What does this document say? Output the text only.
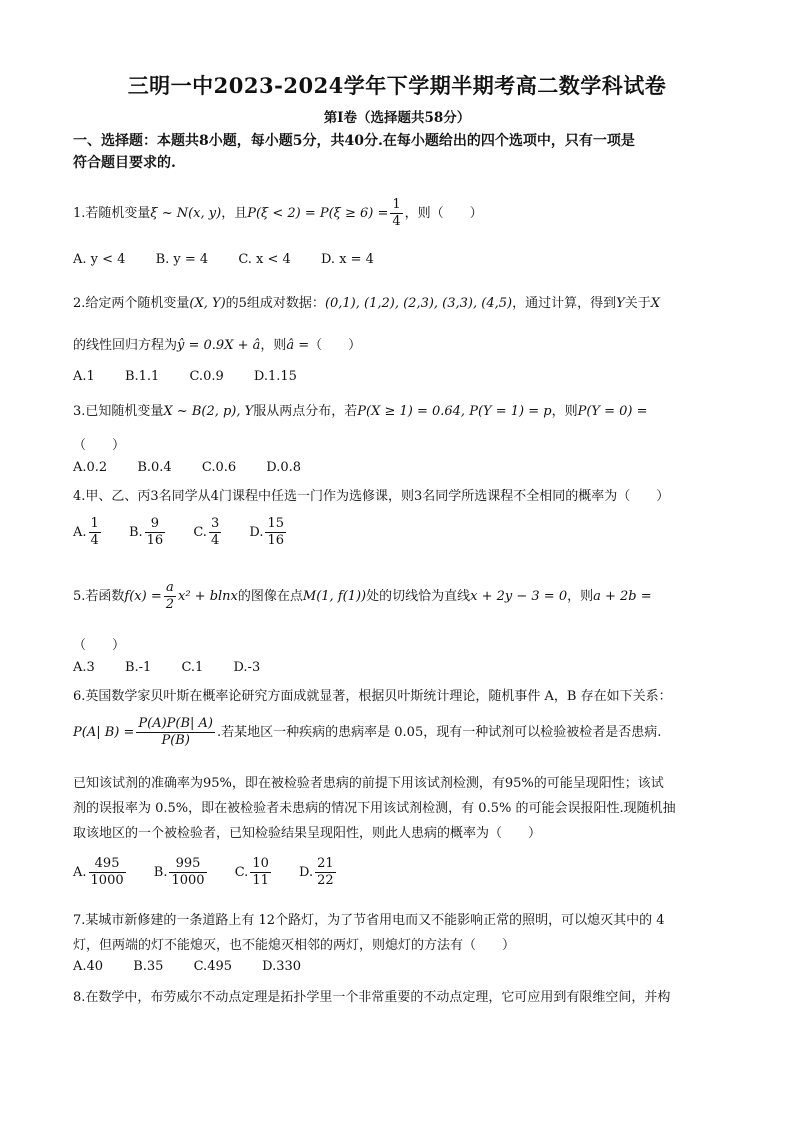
三明一中2023-2024学年下学期半期考高二数学科试卷
第I卷（选择题共58分）
一、选择题：本题共8小题，每小题5分，共40分.在每小题给出的四个选项中，只有一项是
符合题目要求的.
1.若随机变量ξ ~ N(x, y)，且$P(\xi < 2) = P(\xi \ge 6) = \frac{1}{4}$ ，则（　　）
A. y < 4 B. y = 4 C. x < 4 D. x = 4
2.给定两个随机变量(X, Y)的5组成对数据：(0,1), (1,2), (2,3), (3,3), (4,5)，通过计算，得到Y关于X
的线性回归方程为ŷ = 0.9X + â，则â =（　　）
A.1 B.1.1 C.0.9 D.1.15
3.已知随机变量X ~ B(2, p), Y服从两点分布，若P(X ≥ 1) = 0.64, P(Y = 1) = p，则P(Y = 0) =
（　　）
A.0.2 B.0.4 C.0.6 D.0.8
4.甲、乙、丙3名同学从4门课程中任选一门作为选修课，则3名同学所选课程不全相同的概率为（　　）
A. $\frac{1}{4} B$. $\frac{9}{16} C$. $\frac{3}{4} D$. $\frac{15}{16}$
5.若函数$f(x) = \frac{a}{2} x^2 + blnx$的图像在点M(1, f(1))处的切线恰为直线x + 2y − 3 = 0，则a + 2b =
（　　）
A.3 B.-1 C.1 D.-3
6.英国数学家贝叶斯在概率论研究方面成就显著，根据贝叶斯统计理论，随机事件 A，B 存在如下关系：
P(A| $B) = \frac{P(A)P(B| A)}{P(B)}$ .若某地区一种疾病的患病率是 0.05，现有一种试剂可以检验被检者是否患病.
已知该试剂的准确率为95%，即在被检验者患病的前提下用该试剂检测，有95%的可能呈现阳性；该试
剂的误报率为 0.5%，即在被检验者未患病的情况下用该试剂检测，有 0.5% 的可能会误报阳性.现随机抽
取该地区的一个被检验者，已知检验结果呈现阳性，则此人患病的概率为（　　）
A. $\frac{495}{1000} B$. $\frac{995}{1000} C$. $\frac{10}{11} D$. $\frac{21}{22}$
7.某城市新修建的一条道路上有 12个路灯，为了节省用电而又不能影响正常的照明，可以熄灭其中的 4
灯，但两端的灯不能熄灭，也不能熄灭相邻的两灯，则熄灯的方法有（　　）
A.40 B.35 C.495 D.330
8.在数学中，布劳威尔不动点定理是拓扑学里一个非常重要的不动点定理，它可应用到有限维空间，并构
